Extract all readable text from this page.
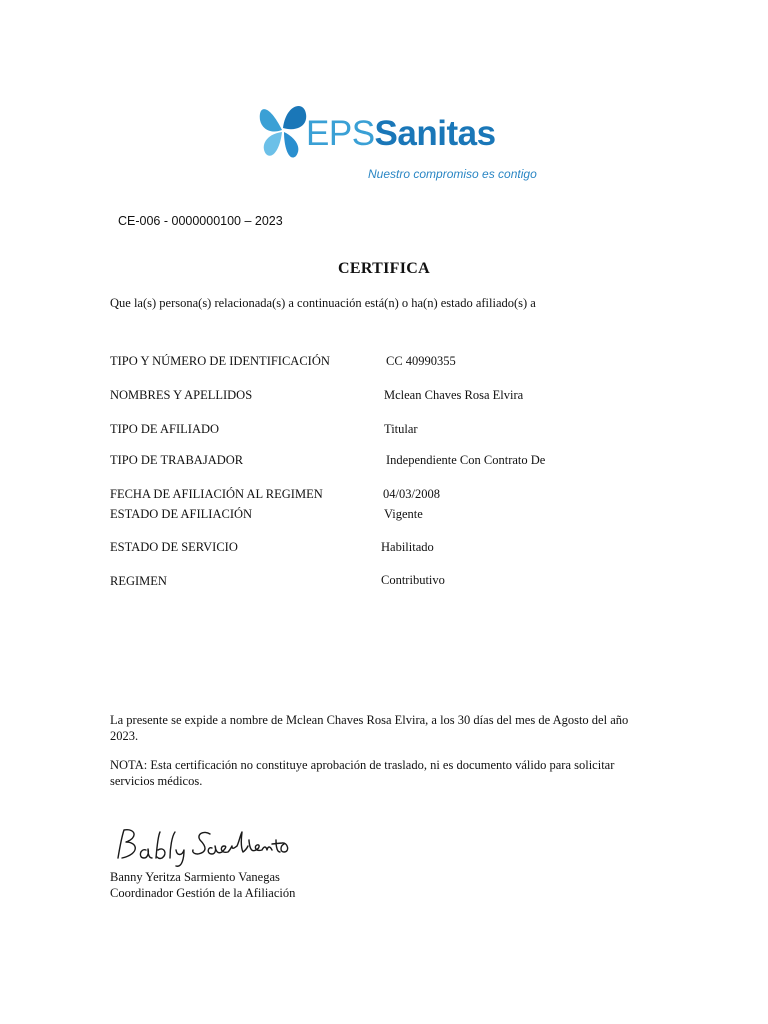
EPSSanitas
Nuestro compromiso es contigo
CE-006 - 0000000100 – 2023
CERTIFICA
Que la(s) persona(s) relacionada(s) a continuación está(n) o ha(n) estado afiliado(s) a
TIPO Y NÚMERO DE IDENTIFICACIÓN	CC 40990355
NOMBRES Y APELLIDOS	Mclean Chaves Rosa Elvira
TIPO DE AFILIADO	Titular
TIPO DE TRABAJADOR	Independiente Con Contrato De
FECHA DE AFILIACIÓN AL REGIMEN	04/03/2008
ESTADO DE AFILIACIÓN	Vigente
ESTADO DE SERVICIO	Habilitado
REGIMEN	Contributivo
La presente se expide a nombre de Mclean Chaves Rosa Elvira, a los 30 días del mes de Agosto del año 2023.
NOTA: Esta certificación no constituye aprobación de traslado, ni es documento válido para solicitar servicios médicos.
Banny Yeritza Sarmiento Vanegas
Coordinador Gestión de la Afiliación
